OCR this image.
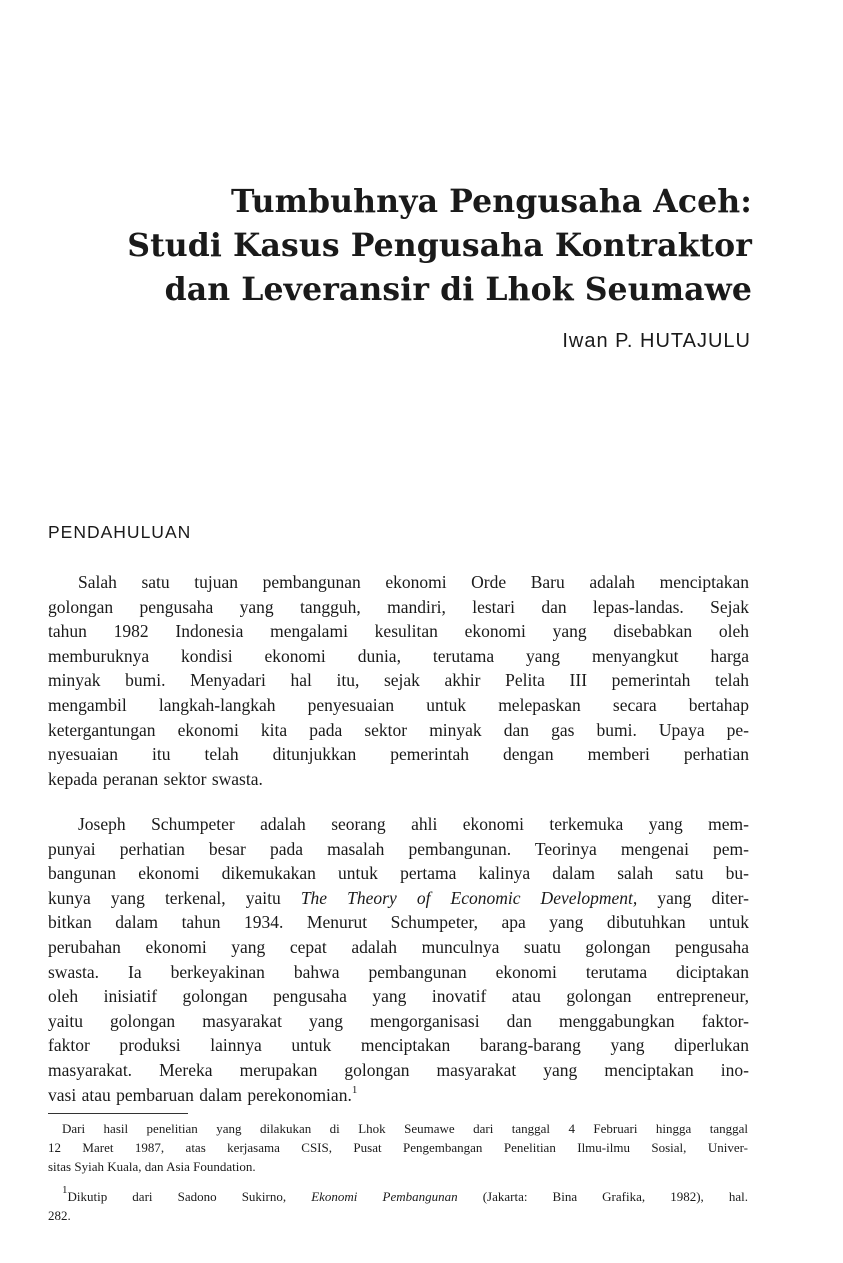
Tumbuhnya Pengusaha Aceh:
Studi Kasus Pengusaha Kontraktor
dan Leveransir di Lhok Seumawe
Iwan P. HUTAJULU
PENDAHULUAN

Salah satu tujuan pembangunan ekonomi Orde Baru adalah menciptakan
golongan pengusaha yang tangguh, mandiri, lestari dan lepas-landas. Sejak
tahun 1982 Indonesia mengalami kesulitan ekonomi yang disebabkan oleh
memburuknya kondisi ekonomi dunia, terutama yang menyangkut harga
minyak bumi. Menyadari hal itu, sejak akhir Pelita III pemerintah telah
mengambil langkah-langkah penyesuaian untuk melepaskan secara bertahap
ketergantungan ekonomi kita pada sektor minyak dan gas bumi. Upaya pe-
nyesuaian itu telah ditunjukkan pemerintah dengan memberi perhatian
kepada peranan sektor swasta.

Joseph Schumpeter adalah seorang ahli ekonomi terkemuka yang mem-
punyai perhatian besar pada masalah pembangunan. Teorinya mengenai pem-
bangunan ekonomi dikemukakan untuk pertama kalinya dalam salah satu bu-
kunya yang terkenal, yaitu The Theory of Economic Development, yang diter-
bitkan dalam tahun 1934. Menurut Schumpeter, apa yang dibutuhkan untuk
perubahan ekonomi yang cepat adalah munculnya suatu golongan pengusaha
swasta. Ia berkeyakinan bahwa pembangunan ekonomi terutama diciptakan
oleh inisiatif golongan pengusaha yang inovatif atau golongan entrepreneur,
yaitu golongan masyarakat yang mengorganisasi dan menggabungkan faktor-
faktor produksi lainnya untuk menciptakan barang-barang yang diperlukan
masyarakat. Mereka merupakan golongan masyarakat yang menciptakan ino-
vasi atau pembaruan dalam perekonomian.$^1$

Dari hasil penelitian yang dilakukan di Lhok Seumawe dari tanggal 4 Februari hingga tanggal
12 Maret 1987, atas kerjasama CSIS, Pusat Pengembangan Penelitian Ilmu-ilmu Sosial, Univer-
sitas Syiah Kuala, dan Asia Foundation.

$^1$Dikutip dari Sadono Sukirno, Ekonomi Pembangunan (Jakarta: Bina Grafika, 1982), hal.
282.
